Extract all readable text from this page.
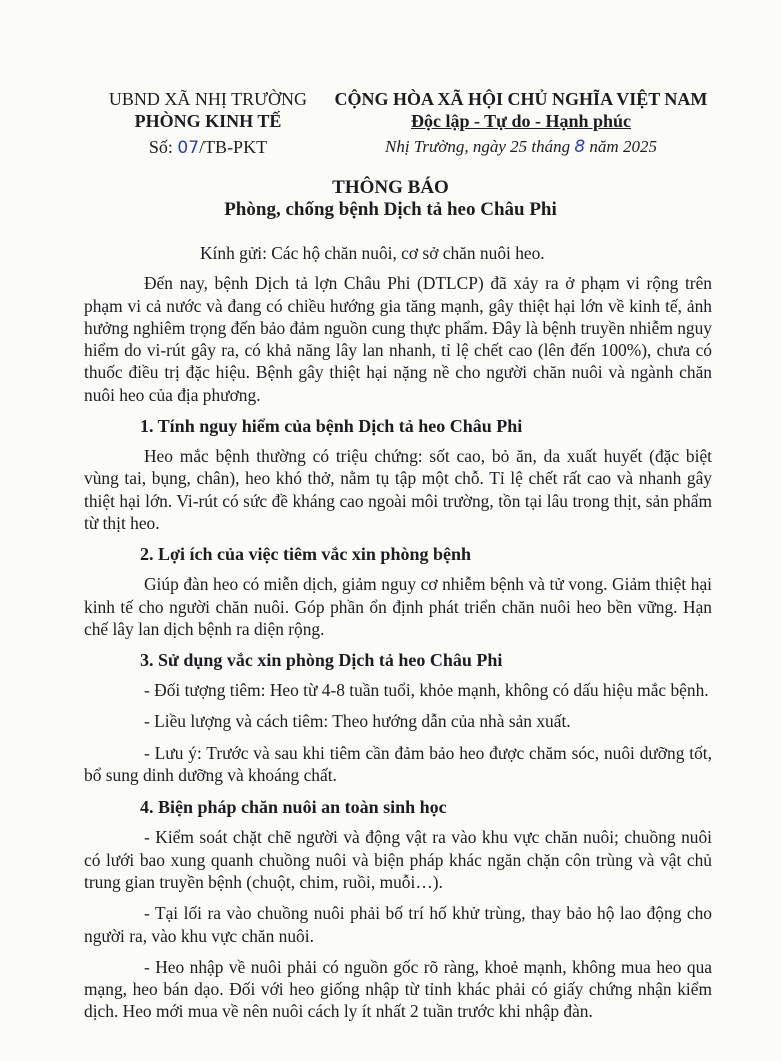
UBND XÃ NHỊ TRƯỜNG
PHÒNG KINH TẾ
Số: 07/TB-PKT
CỘNG HÒA XÃ HỘI CHỦ NGHĨA VIỆT NAM
Độc lập - Tự do - Hạnh phúc
Nhị Trường, ngày 25 tháng 8 năm 2025
THÔNG BÁO
Phòng, chống bệnh Dịch tả heo Châu Phi

Kính gửi: Các hộ chăn nuôi, cơ sở chăn nuôi heo.

Đến nay, bệnh Dịch tả lợn Châu Phi (DTLCP) đã xảy ra ở phạm vi rộng trên phạm vi cả nước và đang có chiều hướng gia tăng mạnh, gây thiệt hại lớn về kinh tế, ảnh hưởng nghiêm trọng đến bảo đảm nguồn cung thực phẩm. Đây là bệnh truyền nhiễm nguy hiểm do vi-rút gây ra, có khả năng lây lan nhanh, tỉ lệ chết cao (lên đến 100%), chưa có thuốc điều trị đặc hiệu. Bệnh gây thiệt hại nặng nề cho người chăn nuôi và ngành chăn nuôi heo của địa phương.

1. Tính nguy hiểm của bệnh Dịch tả heo Châu Phi

Heo mắc bệnh thường có triệu chứng: sốt cao, bỏ ăn, da xuất huyết (đặc biệt vùng tai, bụng, chân), heo khó thở, nằm tụ tập một chỗ. Tỉ lệ chết rất cao và nhanh gây thiệt hại lớn. Vi-rút có sức đề kháng cao ngoài môi trường, tồn tại lâu trong thịt, sản phẩm từ thịt heo.

2. Lợi ích của việc tiêm vắc xin phòng bệnh

Giúp đàn heo có miễn dịch, giảm nguy cơ nhiễm bệnh và tử vong. Giảm thiệt hại kinh tế cho người chăn nuôi. Góp phần ổn định phát triển chăn nuôi heo bền vững. Hạn chế lây lan dịch bệnh ra diện rộng.

3. Sử dụng vắc xin phòng Dịch tả heo Châu Phi

- Đối tượng tiêm: Heo từ 4-8 tuần tuổi, khỏe mạnh, không có dấu hiệu mắc bệnh.

- Liều lượng và cách tiêm: Theo hướng dẫn của nhà sản xuất.

- Lưu ý: Trước và sau khi tiêm cần đảm bảo heo được chăm sóc, nuôi dưỡng tốt, bổ sung dinh dưỡng và khoáng chất.

4. Biện pháp chăn nuôi an toàn sinh học

- Kiểm soát chặt chẽ người và động vật ra vào khu vực chăn nuôi; chuồng nuôi có lưới bao xung quanh chuồng nuôi và biện pháp khác ngăn chặn côn trùng và vật chủ trung gian truyền bệnh (chuột, chim, ruồi, muỗi…).

- Tại lối ra vào chuồng nuôi phải bố trí hố khử trùng, thay bảo hộ lao động cho người ra, vào khu vực chăn nuôi.

- Heo nhập về nuôi phải có nguồn gốc rõ ràng, khoẻ mạnh, không mua heo qua mạng, heo bán dạo. Đối với heo giống nhập từ tỉnh khác phải có giấy chứng nhận kiểm dịch. Heo mới mua về nên nuôi cách ly ít nhất 2 tuần trước khi nhập đàn.
